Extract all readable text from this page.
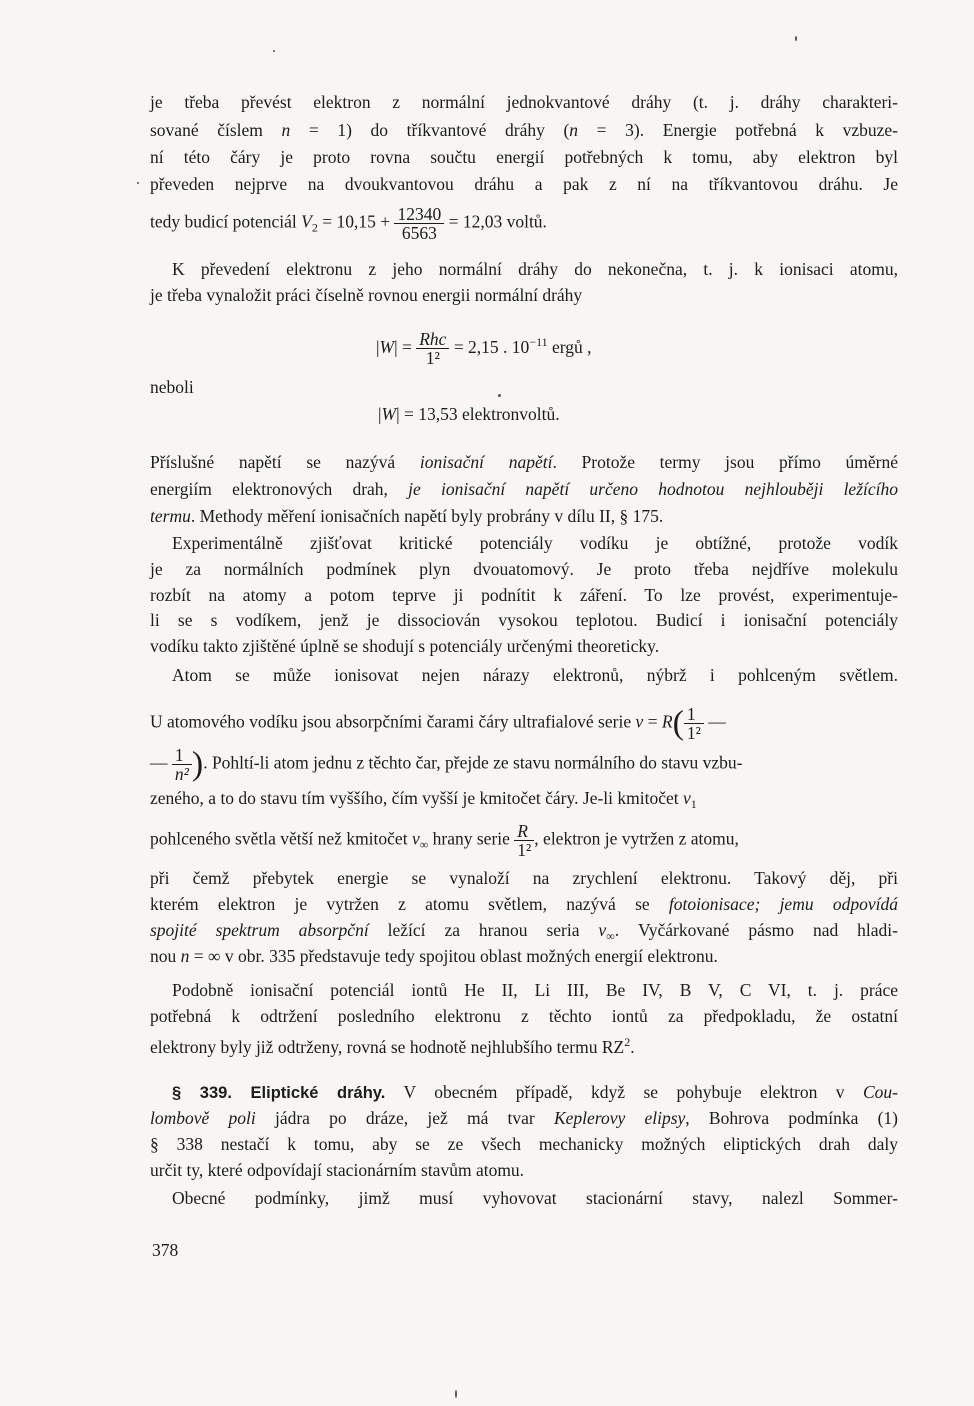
je třeba převést elektron z normální jednokvantové dráhy (t. j. dráhy charakteri-
sované číslem n = 1) do tříkvantové dráhy (n = 3). Energie potřebná k vzbuze-
ní této čáry je proto rovna součtu energií potřebných k tomu, aby elektron byl
převeden nejprve na dvoukvantovou dráhu a pak z ní na tříkvantovou dráhu. Je
tedy budicí potenciál $V_2 = 10,15 + \frac{12340}{6563} = 12,03$ voltů.
K převedení elektronu z jeho normální dráhy do nekonečna, t. j. k ionisaci atomu,
je třeba vynaložit práci číselně rovnou energii normální dráhy
$|W| = \frac{\text{Rhc}}{\text{1²}} = 2,15$ . $10^{-11}$ ergů ,
neboli
|W| = 13,53 elektronvoltů.
Příslušné napětí se nazývá ionisační napětí. Protože termy jsou přímo úměrné
energiím elektronových drah, je ionisační napětí určeno hodnotou nejhlouběji ležícího
termu. Methody měření ionisačních napětí byly probrány v dílu II, § 175.
Experimentálně zjišťovat kritické potenciály vodíku je obtížné, protože vodík
je za normálních podmínek plyn dvouatomový. Je proto třeba nejdříve molekulu
rozbít na atomy a potom teprve ji podnítit k záření. To lze provést, experimentuje-
li se s vodíkem, jenž je dissociován vysokou teplotou. Budicí i ionisační potenciály
vodíku takto zjištěné úplně se shodují s potenciály určenými theoreticky.
Atom se může ionisovat nejen nárazy elektronů, nýbrž i pohlceným světlem.
U atomového vodíku jsou absorpčními čarami čáry ultrafialové serie $\nu = R( \frac{1}{\text{1²}}$ —
— $\frac{1}{\text{n²}}$ ). Pohltí-li atom jednu z těchto čar, přejde ze stavu normálního do stavu vzbu-
zeného, a to do stavu tím vyššího, čím vyšší je kmitočet čáry. Je-li kmitočet $\nu_1$
pohlceného světla větší než kmitočet $\nu_\infty$ hrany serie $\frac{R}{\text{1²}}$ , elektron je vytržen z atomu,
při čemž přebytek energie se vynaloží na zrychlení elektronu. Takový děj, při
kterém elektron je vytržen z atomu světlem, nazývá se fotoionisace; jemu odpovídá
spojité spektrum absorpční ležící za hranou seria $\nu_\infty$. Vyčárkované pásmo nad hladi-
nou n = ∞ v obr. 335 představuje tedy spojitou oblast možných energií elektronu.
Podobně ionisační potenciál iontů He II, Li III, Be IV, B V, C VI, t. j. práce
potřebná k odtržení posledního elektronu z těchto iontů za předpokladu, že ostatní
elektrony byly již odtrženy, rovná se hodnotě nejhlubšího termu $RZ^2$.
§ 339. Eliptické dráhy. V obecném případě, když se pohybuje elektron v Cou-
lombově poli jádra po dráze, jež má tvar Keplerovy elipsy, Bohrova podmínka (1)
§ 338 nestačí k tomu, aby se ze všech mechanicky možných eliptických drah daly
určit ty, které odpovídají stacionárním stavům atomu.
Obecné podmínky, jimž musí vyhovovat stacionární stavy, nalezl Sommer-
378
